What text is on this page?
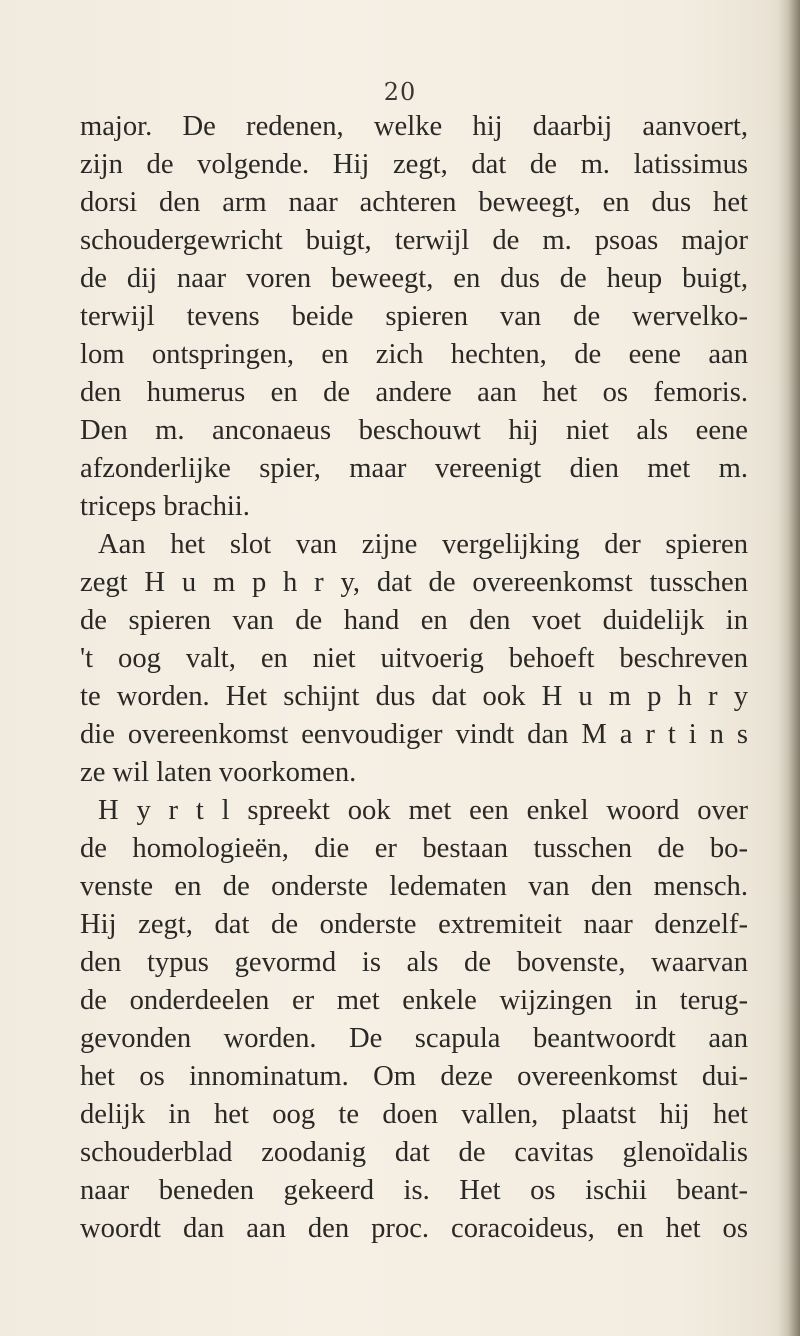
20
major. De redenen, welke hij daarbij aanvoert,
zijn de volgende. Hij zegt, dat de m. latissimus
dorsi den arm naar achteren beweegt, en dus het
schoudergewricht buigt, terwijl de m. psoas major
de dij naar voren beweegt, en dus de heup buigt,
terwijl tevens beide spieren van de wervelko-
lom ontspringen, en zich hechten, de eene aan
den humerus en de andere aan het os femoris.
Den m. anconaeus beschouwt hij niet als eene
afzonderlijke spier, maar vereenigt dien met m.
triceps brachii.
Aan het slot van zijne vergelijking der spieren
zegt H u m p h r y, dat de overeenkomst tusschen
de spieren van de hand en den voet duidelijk in
't oog valt, en niet uitvoerig behoeft beschreven
te worden. Het schijnt dus dat ook H u m p h r y
die overeenkomst eenvoudiger vindt dan M a r t i n s
ze wil laten voorkomen.
H y r t l spreekt ook met een enkel woord over
de homologieën, die er bestaan tusschen de bo-
venste en de onderste ledematen van den mensch.
Hij zegt, dat de onderste extremiteit naar denzelf-
den typus gevormd is als de bovenste, waarvan
de onderdeelen er met enkele wijzingen in terug-
gevonden worden. De scapula beantwoordt aan
het os innominatum. Om deze overeenkomst dui-
delijk in het oog te doen vallen, plaatst hij het
schouderblad zoodanig dat de cavitas glenoïdalis
naar beneden gekeerd is. Het os ischii beant-
woordt dan aan den proc. coracoideus, en het os
